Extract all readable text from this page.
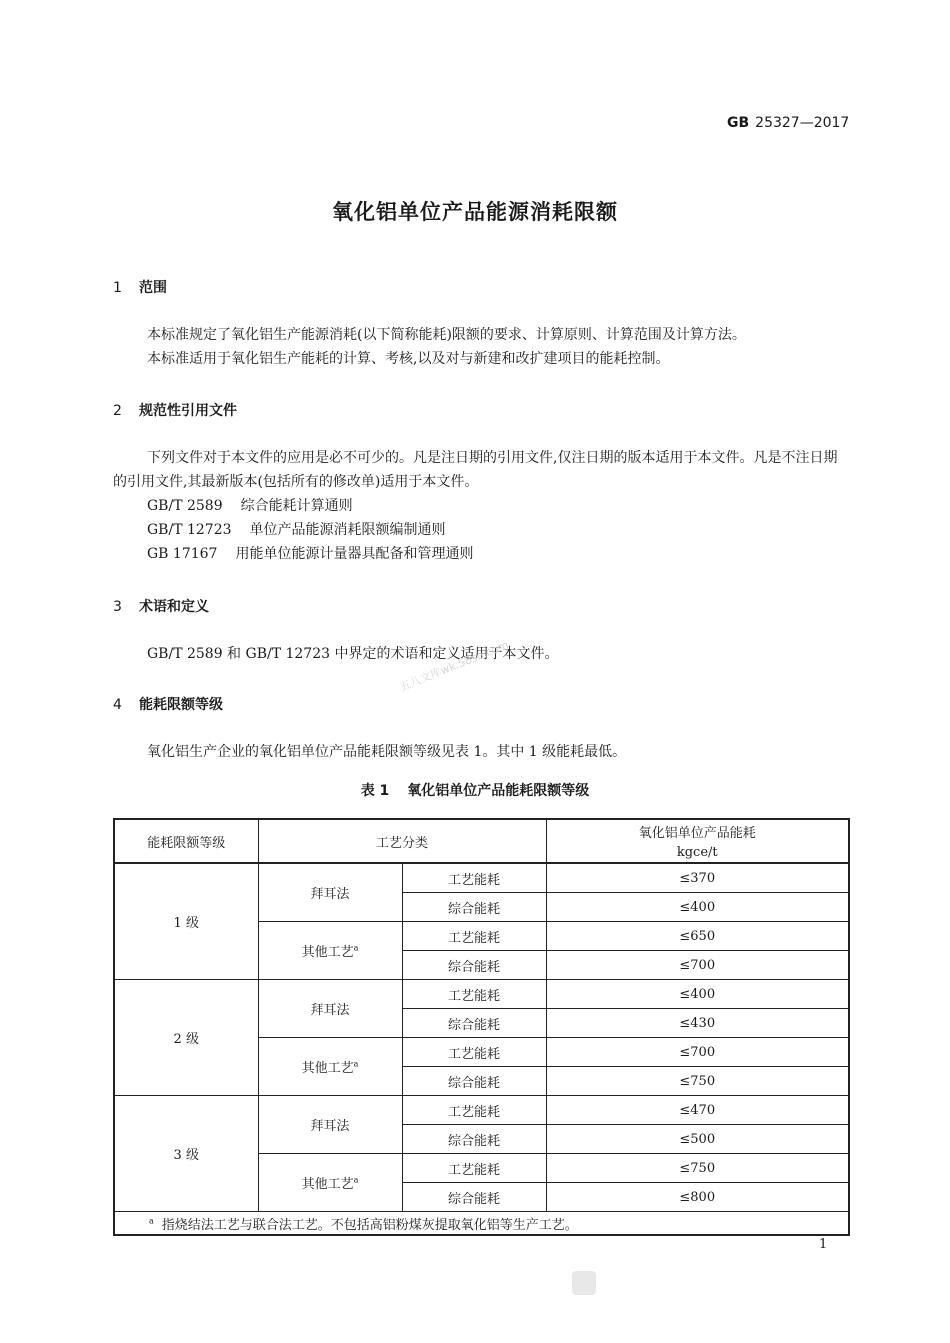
GB 25327—2017
氧化铝单位产品能源消耗限额
1 范围
本标准规定了氧化铝生产能源消耗(以下简称能耗)限额的要求、计算原则、计算范围及计算方法。
本标准适用于氧化铝生产能耗的计算、考核,以及对与新建和改扩建项目的能耗控制。
2 规范性引用文件
下列文件对于本文件的应用是必不可少的。凡是注日期的引用文件,仅注日期的版本适用于本文件。凡是不注日期的引用文件,其最新版本(包括所有的修改单)适用于本文件。
GB/T 2589 综合能耗计算通则
GB/T 12723 单位产品能源消耗限额编制通则
GB 17167 用能单位能源计量器具配备和管理通则
3 术语和定义
GB/T 2589 和 GB/T 12723 中界定的术语和定义适用于本文件。
4 能耗限额等级
氧化铝生产企业的氧化铝单位产品能耗限额等级见表 1。其中 1 级能耗最低。
五八文库wk.58so.com
表 1 氧化铝单位产品能耗限额等级
能耗限额等级	工艺分类		氧化铝单位产品能耗
kgce/t

1 级	拜耳法	工艺能耗	≤370
		综合能耗	≤400
	其他工艺$^a$	工艺能耗	≤650
		综合能耗	≤700
2 级	拜耳法	工艺能耗	≤400
		综合能耗	≤430
	其他工艺$^a$	工艺能耗	≤700
		综合能耗	≤750
3 级	拜耳法	工艺能耗	≤470
		综合能耗	≤500
	其他工艺$^a$	工艺能耗	≤750
		综合能耗	≤800
$^a$ 指烧结法工艺与联合法工艺。不包括高铝粉煤灰提取氧化铝等生产工艺。			
1
